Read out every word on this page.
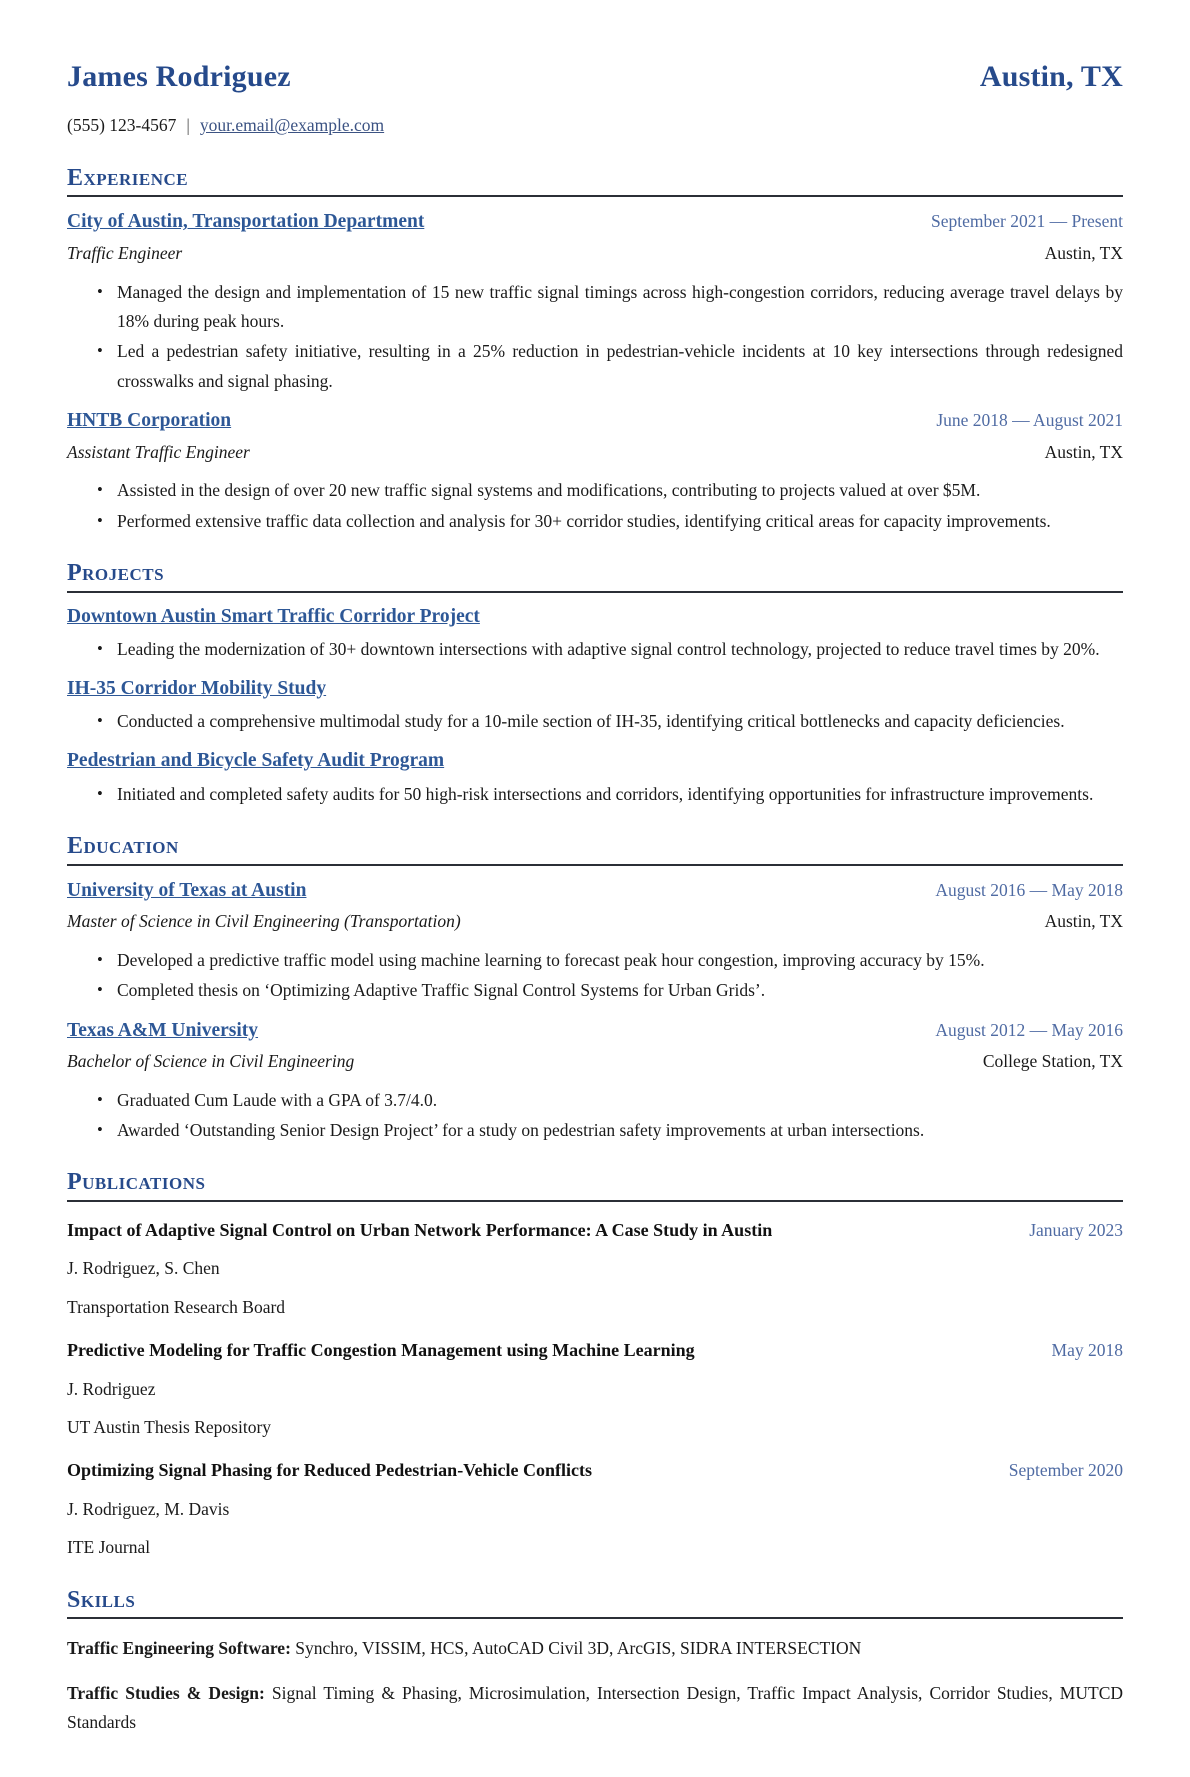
James Rodriguez	Austin, TX
(555) 123-4567 | your.email@example.com
Experience
City of Austin, Transportation Department	September 2021 — Present
Traffic Engineer	Austin, TX
• Managed the design and implementation of 15 new traffic signal timings across high-congestion corridors, reducing average travel delays by 18% during peak hours.
• Led a pedestrian safety initiative, resulting in a 25% reduction in pedestrian-vehicle incidents at 10 key intersections through redesigned crosswalks and signal phasing.
HNTB Corporation	June 2018 — August 2021
Assistant Traffic Engineer	Austin, TX
• Assisted in the design of over 20 new traffic signal systems and modifications, contributing to projects valued at over $5M.
• Performed extensive traffic data collection and analysis for 30+ corridor studies, identifying critical areas for capacity improvements.
Projects
Downtown Austin Smart Traffic Corridor Project
• Leading the modernization of 30+ downtown intersections with adaptive signal control technology, projected to reduce travel times by 20%.
IH-35 Corridor Mobility Study
• Conducted a comprehensive multimodal study for a 10-mile section of IH-35, identifying critical bottlenecks and capacity deficiencies.
Pedestrian and Bicycle Safety Audit Program
• Initiated and completed safety audits for 50 high-risk intersections and corridors, identifying opportunities for infrastructure improvements.
Education
University of Texas at Austin	August 2016 — May 2018
Master of Science in Civil Engineering (Transportation)	Austin, TX
• Developed a predictive traffic model using machine learning to forecast peak hour congestion, improving accuracy by 15%.
• Completed thesis on ‘Optimizing Adaptive Traffic Signal Control Systems for Urban Grids’.
Texas A&M University	August 2012 — May 2016
Bachelor of Science in Civil Engineering	College Station, TX
• Graduated Cum Laude with a GPA of 3.7/4.0.
• Awarded ‘Outstanding Senior Design Project’ for a study on pedestrian safety improvements at urban intersections.
Publications
Impact of Adaptive Signal Control on Urban Network Performance: A Case Study in Austin	January 2023
J. Rodriguez, S. Chen
Transportation Research Board
Predictive Modeling for Traffic Congestion Management using Machine Learning	May 2018
J. Rodriguez
UT Austin Thesis Repository
Optimizing Signal Phasing for Reduced Pedestrian-Vehicle Conflicts	September 2020
J. Rodriguez, M. Davis
ITE Journal
Skills

Traffic Engineering Software: Synchro, VISSIM, HCS, AutoCAD Civil 3D, ArcGIS, SIDRA INTERSECTION

Traffic Studies & Design: Signal Timing & Phasing, Microsimulation, Intersection Design, Traffic Impact Analysis, Corridor Studies, MUTCD Standards
